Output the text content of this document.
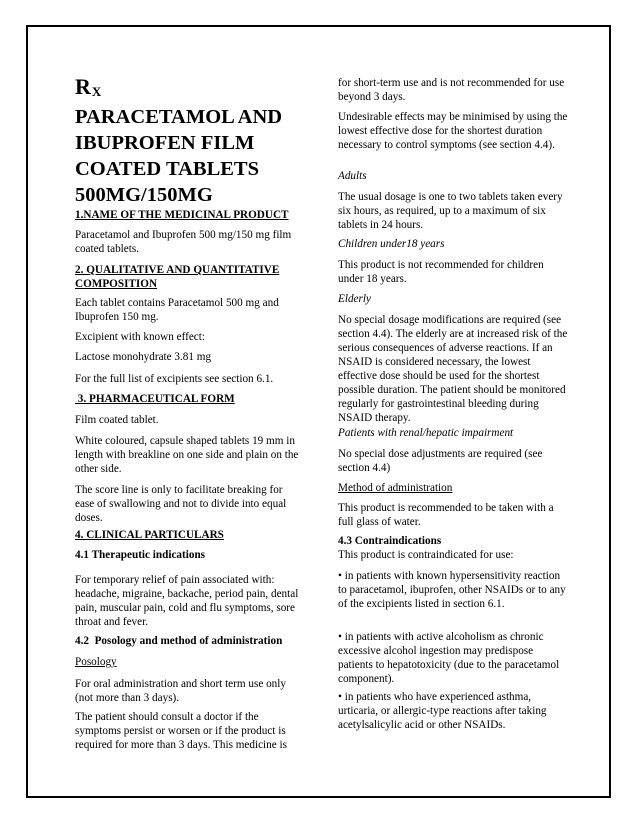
$R_X$
PARACETAMOL AND
IBUPROFEN FILM
COATED TABLETS
500MG/150MG
1.NAME OF THE MEDICINAL PRODUCT
Paracetamol and Ibuprofen 500 mg/150 mg film coated tablets.
2. QUALITATIVE AND QUANTITATIVE COMPOSITION
Each tablet contains Paracetamol 500 mg and Ibuprofen 150 mg.
Excipient with known effect:
Lactose monohydrate 3.81 mg
For the full list of excipients see section 6.1.
3. PHARMACEUTICAL FORM
Film coated tablet.
White coloured, capsule shaped tablets 19 mm in length with breakline on one side and plain on the other side.
The score line is only to facilitate breaking for ease of swallowing and not to divide into equal doses.
4. CLINICAL PARTICULARS
4.1 Therapeutic indications
For temporary relief of pain associated with: headache, migraine, backache, period pain, dental pain, muscular pain, cold and flu symptoms, sore throat and fever.
4.2  Posology and method of administration
Posology
For oral administration and short term use only (not more than 3 days).
The patient should consult a doctor if the symptoms persist or worsen or if the product is required for more than 3 days. This medicine is
for short-term use and is not recommended for use beyond 3 days.
Undesirable effects may be minimised by using the lowest effective dose for the shortest duration necessary to control symptoms (see section 4.4).
Adults
The usual dosage is one to two tablets taken every six hours, as required, up to a maximum of six tablets in 24 hours.
Children under18 years
This product is not recommended for children under 18 years.
Elderly
No special dosage modifications are required (see section 4.4). The elderly are at increased risk of the serious consequences of adverse reactions. If an NSAID is considered necessary, the lowest effective dose should be used for the shortest possible duration. The patient should be monitored regularly for gastrointestinal bleeding during NSAID therapy.
Patients with renal/hepatic impairment
No special dose adjustments are required (see section 4.4)
Method of administration
This product is recommended to be taken with a full glass of water.
4.3 Contraindications
This product is contraindicated for use:
• in patients with known hypersensitivity reaction to paracetamol, ibuprofen, other NSAIDs or to any of the excipients listed in section 6.1.
• in patients with active alcoholism as chronic excessive alcohol ingestion may predispose patients to hepatotoxicity (due to the paracetamol component).
• in patients who have experienced asthma, urticaria, or allergic-type reactions after taking acetylsalicylic acid or other NSAIDs.
